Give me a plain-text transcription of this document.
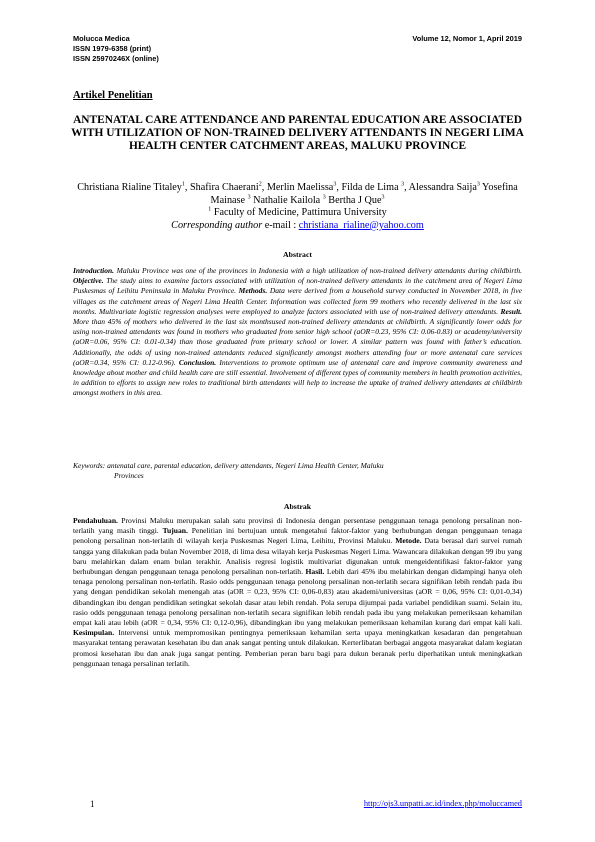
Molucca Medica
ISSN 1979-6358 (print)
ISSN 25970246X (online)
Volume 12, Nomor 1, April 2019
Artikel Penelitian
ANTENATAL CARE ATTENDANCE AND PARENTAL EDUCATION ARE ASSOCIATED WITH UTILIZATION OF NON-TRAINED DELIVERY ATTENDANTS IN NEGERI LIMA HEALTH CENTER CATCHMENT AREAS, MALUKU PROVINCE
Christiana Rialine Titaley$^1$, Shafira Chaerani$^2$, Merlin Maelissa$^3$, Filda de Lima $^3$, Alessandra Saija$^3$ Yosefina Mainase $^3$ Nathalie Kailola $^3$ Bertha J Que$^3$
$^1$ Faculty of Medicine, Pattimura University
Corresponding author e-mail : christiana_rialine@yahoo.com
Abstract
Introduction. Maluku Province was one of the provinces in Indonesia with a high utilization of non-trained delivery attendants during childbirth. Objective. The study aims to examine factors associated with utilization of non-trained delivery attendants in the catchment area of Negeri Lima Puskesmas of Leihitu Peninsula in Maluku Province. Methods. Data were derived from a household survey conducted in November 2018, in five villages as the catchment areas of Negeri Lima Health Center. Information was collected form 99 mothers who recently delivered in the last six months. Multivariate logistic regression analyses were employed to analyze factors associated with use of non-trained delivery attendants. Result. More than 45% of mothers who delivered in the last six monthsused non-trained delivery attendants at childbirth. A significantly lower odds for using non-trained attendants was found in mothers who graduated from senior high school (aOR=0.23, 95% CI: 0.06-0.83) or academy/university (aOR=0.06, 95% CI: 0.01-0.34) than those graduated from primary school or lower. A similar pattern was found with father’s education. Additionally, the odds of using non-trained attendants reduced significantly amongst mothers attending four or more antenatal care services (aOR=0.34, 95% CI: 0.12-0.96). Conclusion. Interventions to promote optimum use of antenatal care and improve community awareness and knowledge about mother and child health care are still essential. Involvement of different types of community members in health promotion activities, in addition to efforts to assign new roles to traditional birth attendants will help to increase the uptake of trained delivery attendants at childbirth amongst mothers in this area.
Keywords: antenatal care, parental education, delivery attendants, Negeri Lima Health Center, Maluku
Provinces
Abstrak
Pendahuluan. Provinsi Maluku merupakan salah satu provinsi di Indonesia dengan persentase penggunaan tenaga penolong persalinan non-terlatih yang masih tinggi. Tujuan. Penelitian ini bertujuan untuk mengetahui faktor-faktor yang berhubungan dengan penggunaan tenaga penolong persalinan non-terlatih di wilayah kerja Puskesmas Negeri Lima, Leihitu, Provinsi Maluku. Metode. Data berasal dari survei rumah tangga yang dilakukan pada bulan November 2018, di lima desa wilayah kerja Puskesmas Negeri Lima. Wawancara dilakukan dengan 99 ibu yang baru melahirkan dalam enam bulan terakhir. Analisis regresi logistik multivariat digunakan untuk mengeidentifikasi faktor-faktor yang berhubungan dengan penggunaan tenaga penolong persalinan non-terlatih. Hasil. Lebih dari 45% ibu melahirkan dengan didampingi hanya oleh tenaga penolong persalinan non-terlatih. Rasio odds penggunaan tenaga penolong persalinan non-terlatih secara signifikan lebih rendah pada ibu yang dengan pendidikan sekolah menengah atas (aOR = 0,23, 95% CI: 0,06-0,83) atau akademi/universitas (aOR = 0,06, 95% CI: 0,01-0,34) dibandingkan ibu dengan pendidikan setingkat sekolah dasar atau lebih rendah. Pola serupa dijumpai pada variabel pendidikan suami. Selain itu, rasio odds penggunaan tenaga penolong persalinan non-terlatih secara signifikan lebih rendah pada ibu yang melakukan pemeriksaan kehamilan empat kali atau lebih (aOR = 0,34, 95% CI: 0,12-0,96), dibandingkan ibu yang melakukan pemeriksaan kehamilan kurang dari empat kali kali. Kesimpulan. Intervensi untuk mempromosikan pentingnya pemeriksaan kehamilan serta upaya meningkatkan kesadaran dan pengetahuan masyarakat tentang perawatan kesehatan ibu dan anak sangat penting untuk dilakukan. Kerterlibatan berbagai anggota masyarakat dalam kegiatan promosi kesehatan ibu dan anak juga sangat penting. Pemberian peran baru bagi para dukun beranak perlu diperhatikan untuk meningkatkan penggunaan tenaga persalinan terlatih.
1	http://ojs3.unpatti.ac.id/index.php/moluccamed
